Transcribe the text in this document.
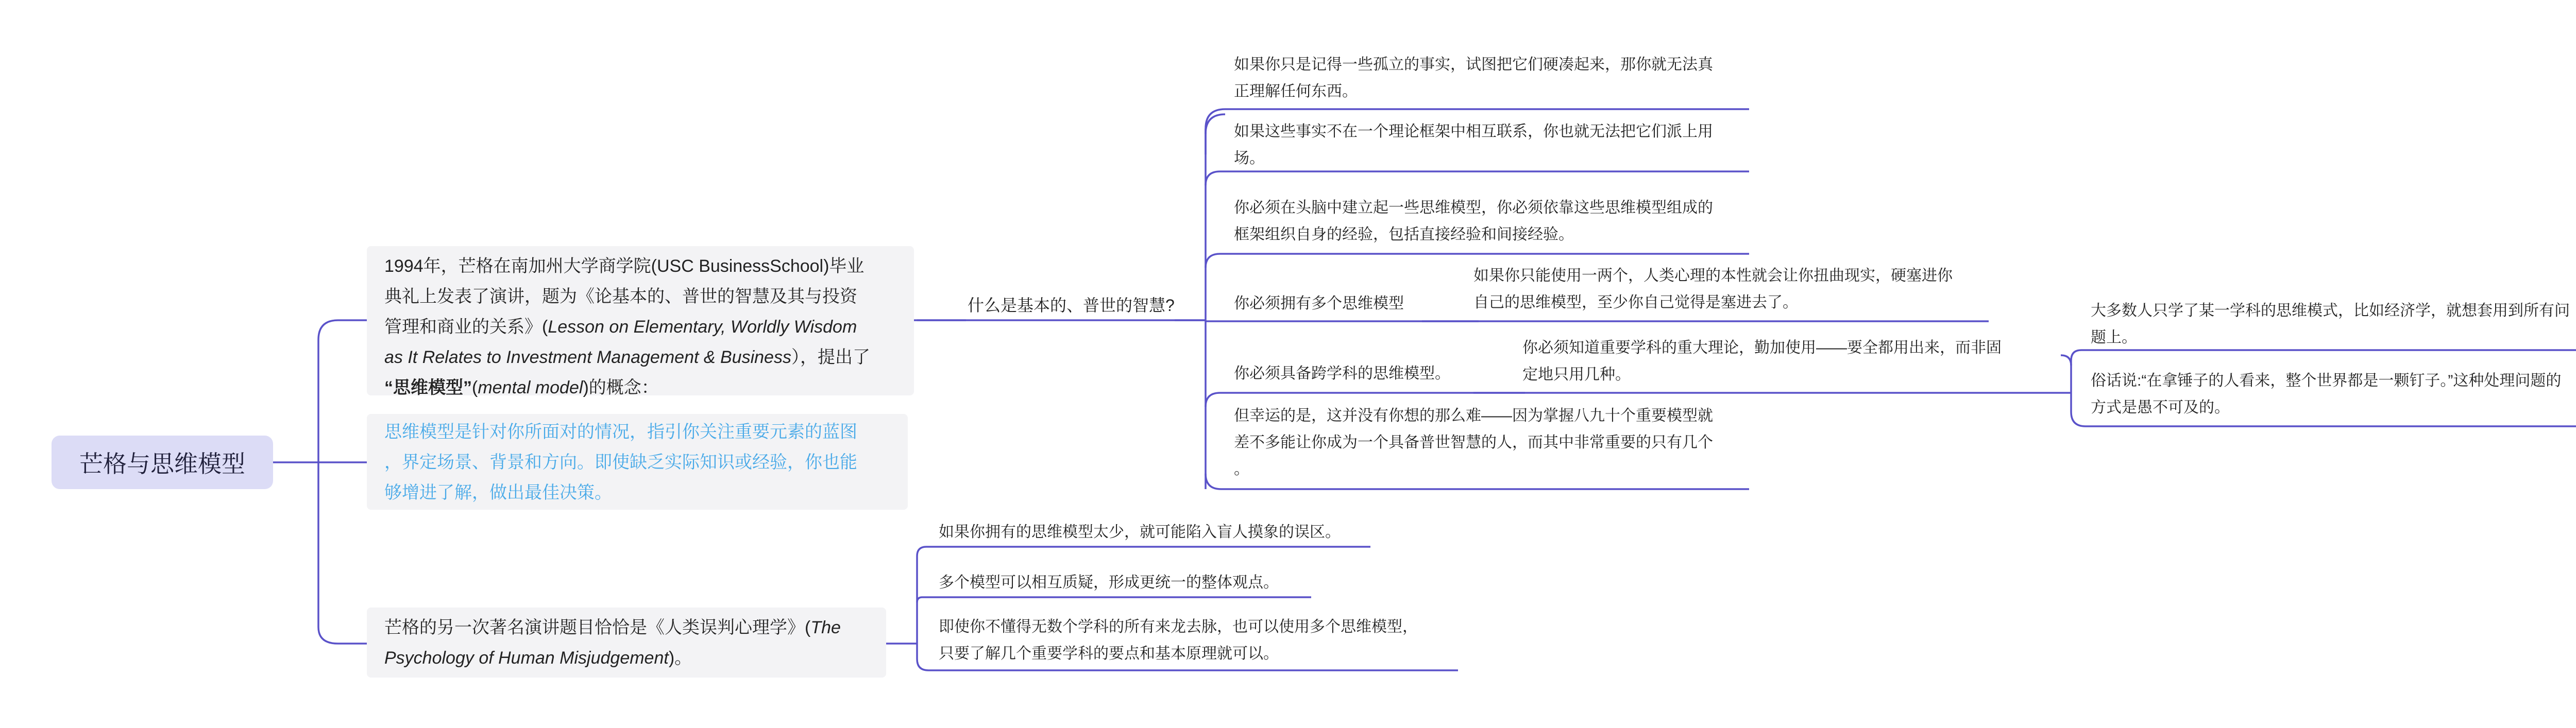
芒格与思维模型
1994年，芒格在南加州大学商学院(USC BusinessSchool)毕业
典礼上发表了演讲，题为《论基本的、普世的智慧及其与投资
管理和商业的关系》(Lesson on Elementary, Worldly Wisdom
as It Relates to Investment Management & Business），提出了
“思维模型”(mental model)的概念：
什么是基本的、普世的智慧?
如果你只是记得一些孤立的事实，试图把它们硬凑起来，那你就无法真
正理解任何东西。
如果这些事实不在一个理论框架中相互联系，你也就无法把它们派上用
场。
你必须在头脑中建立起一些思维模型，你必须依靠这些思维模型组成的
框架组织自身的经验，包括直接经验和间接经验。
你必须拥有多个思维模型
如果你只能使用一两个，人类心理的本性就会让你扭曲现实，硬塞进你
自己的思维模型，至少你自己觉得是塞进去了。
你必须具备跨学科的思维模型。
你必须知道重要学科的重大理论，勤加使用——要全都用出来，而非固
定地只用几种。
大多数人只学了某一学科的思维模式，比如经济学，就想套用到所有问
题上。
俗话说:“在拿锤子的人看来，整个世界都是一颗钉子。”这种处理问题的
方式是愚不可及的。
但幸运的是，这并没有你想的那么难——因为掌握八九十个重要模型就
差不多能让你成为一个具备普世智慧的人，而其中非常重要的只有几个
。
思维模型是针对你所面对的情况，指引你关注重要元素的蓝图
，界定场景、背景和方向。即使缺乏实际知识或经验，你也能
够增进了解，做出最佳决策。
芒格的另一次著名演讲题目恰恰是《人类误判心理学》(The
Psychology of Human Misjudgement)。
如果你拥有的思维模型太少，就可能陷入盲人摸象的误区。
多个模型可以相互质疑，形成更统一的整体观点。
即使你不懂得无数个学科的所有来龙去脉，也可以使用多个思维模型，
只要了解几个重要学科的要点和基本原理就可以。
